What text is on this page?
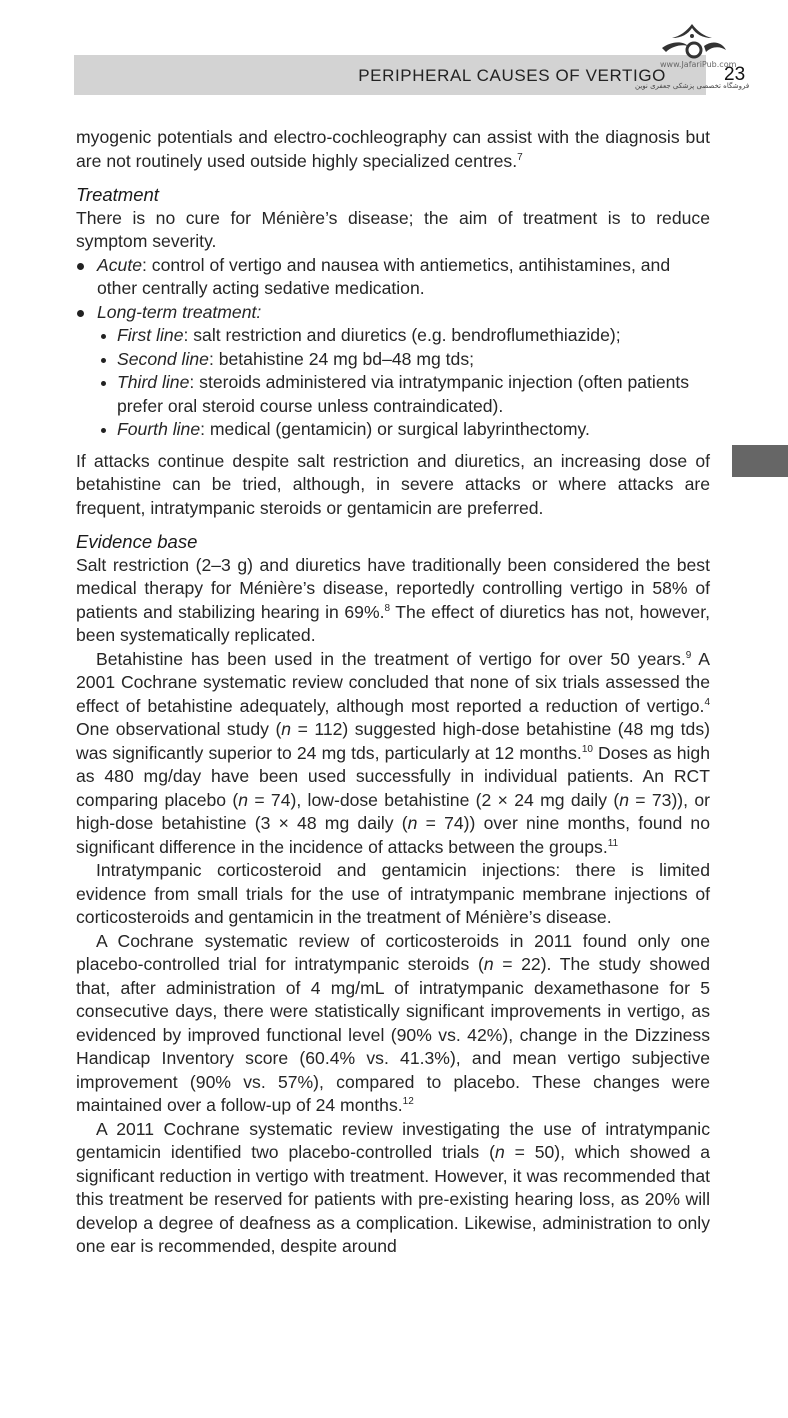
PERIPHERAL CAUSES OF VERTIGO	23
www.JafariPub.com
فروشگاه تخصصی پزشکی جعفری نوین

myogenic potentials and electro-cochleography can assist with the diagnosis but are not routinely used outside highly specialized centres.$^7$

Treatment

There is no cure for Ménière’s disease; the aim of treatment is to reduce symptom severity.

Acute: control of vertigo and nausea with antiemetics, antihistamines, and other centrally acting sedative medication.
Long-term treatment:
First line: salt restriction and diuretics (e.g. bendroflumethiazide);
Second line: betahistine 24 mg bd–48 mg tds;
Third line: steroids administered via intratympanic injection (often patients prefer oral steroid course unless contraindicated).
Fourth line: medical (gentamicin) or surgical labyrinthectomy.

If attacks continue despite salt restriction and diuretics, an increasing dose of betahistine can be tried, although, in severe attacks or where attacks are frequent, intratympanic steroids or gentamicin are preferred.

Evidence base

Salt restriction (2–3 g) and diuretics have traditionally been considered the best medical therapy for Ménière’s disease, reportedly controlling vertigo in 58% of patients and stabilizing hearing in 69%.$^8$ The effect of diuretics has not, however, been systematically replicated.

Betahistine has been used in the treatment of vertigo for over 50 years.$^9$ A 2001 Cochrane systematic review concluded that none of six trials assessed the effect of betahistine adequately, although most reported a reduction of vertigo.$^4$ One observational study (n = 112) suggested high-dose betahistine (48 mg tds) was significantly superior to 24 mg tds, particularly at 12 months.$^{10}$ Doses as high as 480 mg/day have been used successfully in individual patients. An RCT comparing placebo (n = 74), low-dose betahistine (2 × 24 mg daily (n = 73)), or high-dose betahistine (3 × 48 mg daily (n = 74)) over nine months, found no significant difference in the incidence of attacks between the groups.$^{11}$

Intratympanic corticosteroid and gentamicin injections: there is limited evidence from small trials for the use of intratympanic membrane injections of corticosteroids and gentamicin in the treatment of Ménière’s disease.

A Cochrane systematic review of corticosteroids in 2011 found only one placebo-controlled trial for intratympanic steroids (n = 22). The study showed that, after administration of 4 mg/mL of intratympanic dexamethasone for 5 consecutive days, there were statistically significant improvements in vertigo, as evidenced by improved functional level (90% vs. 42%), change in the Dizziness Handicap Inventory score (60.4% vs. 41.3%), and mean vertigo subjective improvement (90% vs. 57%), compared to placebo. These changes were maintained over a follow-up of 24 months.$^{12}$

A 2011 Cochrane systematic review investigating the use of intratympanic gentamicin identified two placebo-controlled trials (n = 50), which showed a significant reduction in vertigo with treatment. However, it was recommended that this treatment be reserved for patients with pre-existing hearing loss, as 20% will develop a degree of deafness as a complication. Likewise, administration to only one ear is recommended, despite around
